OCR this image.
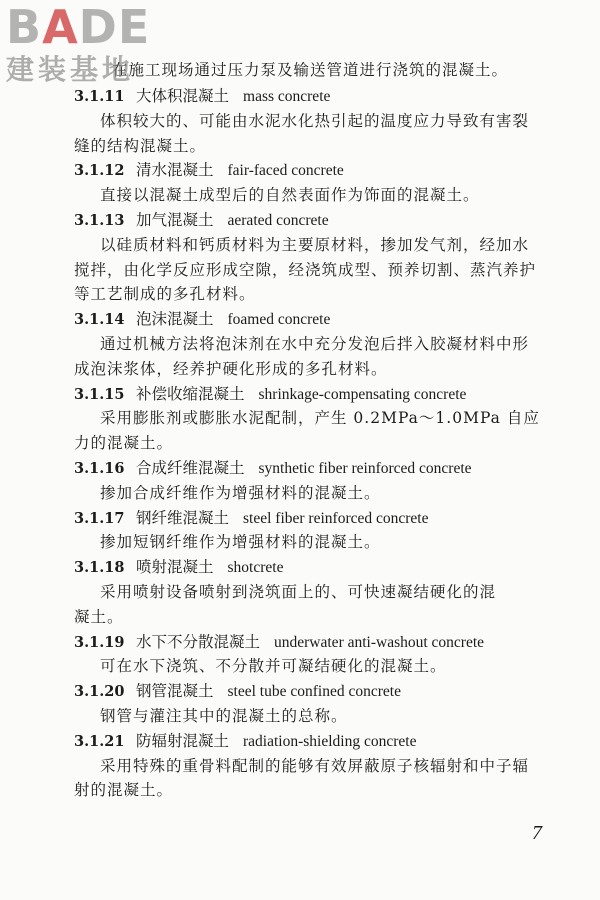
BADE
建装基地
在施工现场通过压力泵及输送管道进行浇筑的混凝土。
3.1.11 大体积混凝土 mass concrete
体积较大的、可能由水泥水化热引起的温度应力导致有害裂
缝的结构混凝土。
3.1.12 清水混凝土 fair-faced concrete
直接以混凝土成型后的自然表面作为饰面的混凝土。
3.1.13 加气混凝土 aerated concrete
以硅质材料和钙质材料为主要原材料，掺加发气剂，经加水
搅拌，由化学反应形成空隙，经浇筑成型、预养切割、蒸汽养护
等工艺制成的多孔材料。
3.1.14 泡沫混凝土 foamed concrete
通过机械方法将泡沫剂在水中充分发泡后拌入胶凝材料中形
成泡沫浆体，经养护硬化形成的多孔材料。
3.1.15 补偿收缩混凝土 shrinkage-compensating concrete
采用膨胀剂或膨胀水泥配制，产生 0.2MPa～1.0MPa 自应
力的混凝土。
3.1.16 合成纤维混凝土 synthetic fiber reinforced concrete
掺加合成纤维作为增强材料的混凝土。
3.1.17 钢纤维混凝土 steel fiber reinforced concrete
掺加短钢纤维作为增强材料的混凝土。
3.1.18 喷射混凝土 shotcrete
采用喷射设备喷射到浇筑面上的、可快速凝结硬化的混
凝土。
3.1.19 水下不分散混凝土 underwater anti-washout concrete
可在水下浇筑、不分散并可凝结硬化的混凝土。
3.1.20 钢管混凝土 steel tube confined concrete
钢管与灌注其中的混凝土的总称。
3.1.21 防辐射混凝土 radiation-shielding concrete
采用特殊的重骨料配制的能够有效屏蔽原子核辐射和中子辐
射的混凝土。
7
